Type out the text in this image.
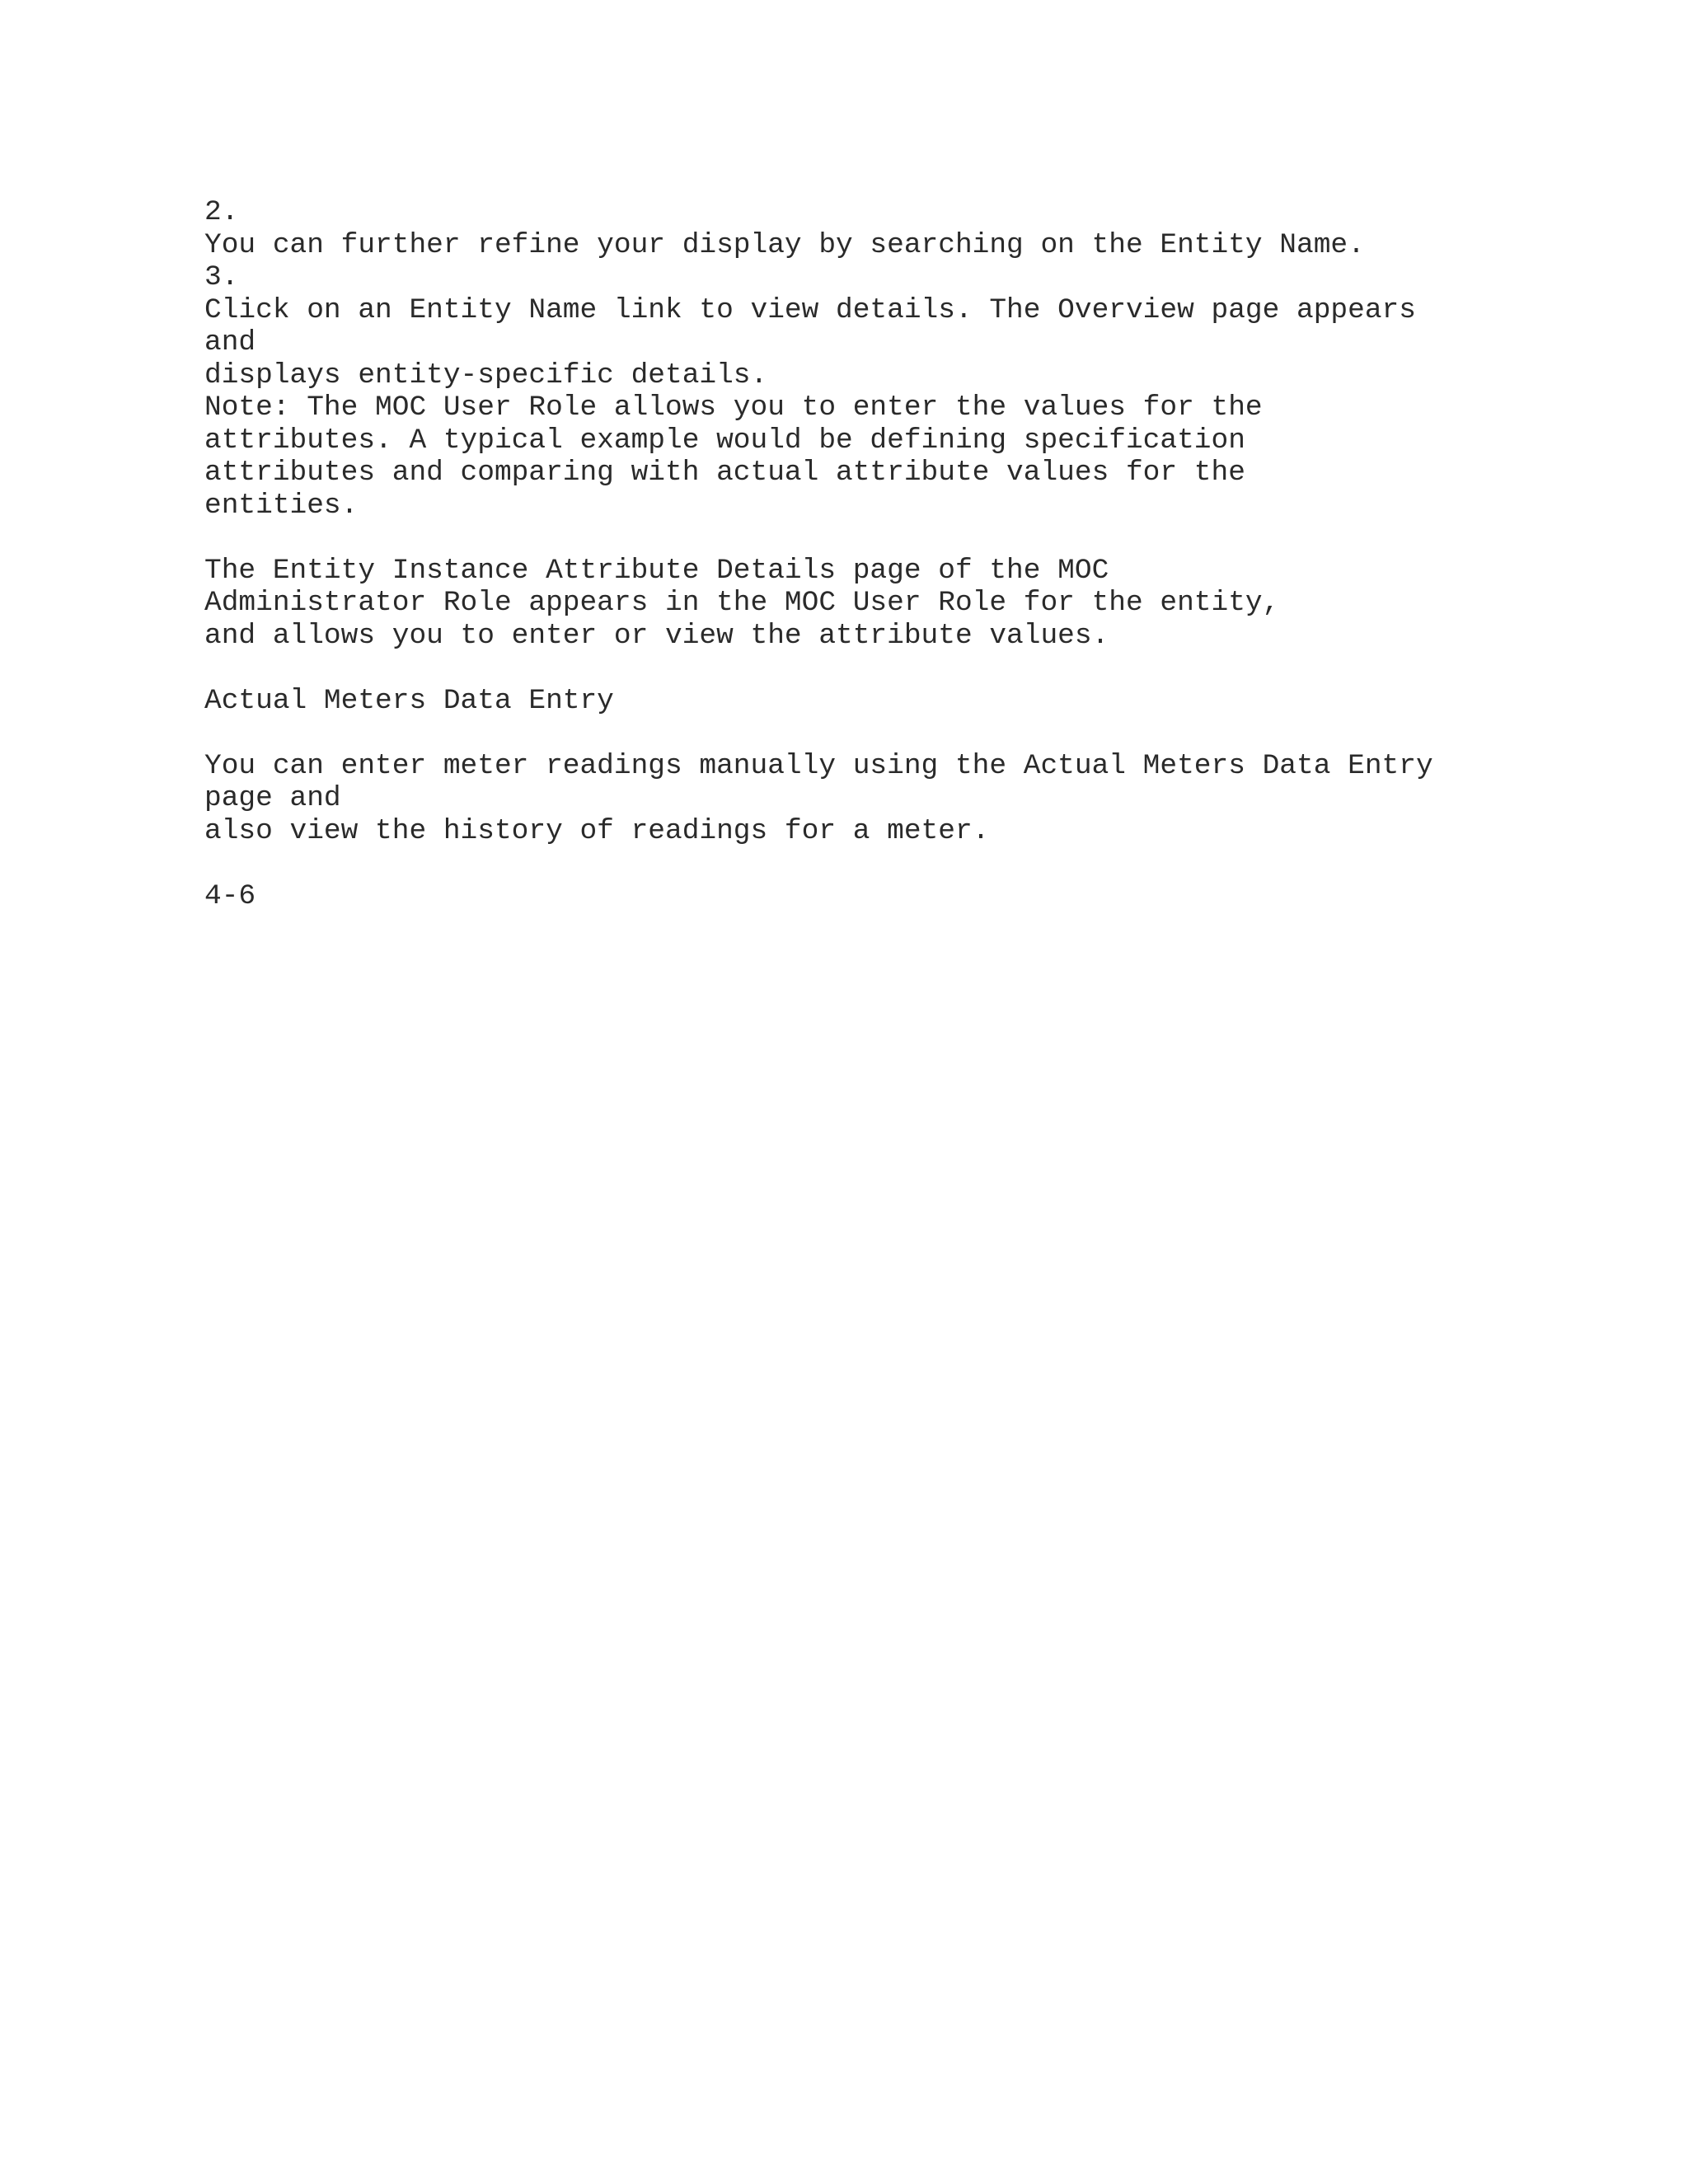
2.
You can further refine your display by searching on the Entity Name.
3.
Click on an Entity Name link to view details. The Overview page appears
and
displays entity-specific details.
Note: The MOC User Role allows you to enter the values for the
attributes. A typical example would be defining specification
attributes and comparing with actual attribute values for the
entities.
The Entity Instance Attribute Details page of the MOC
Administrator Role appears in the MOC User Role for the entity,
and allows you to enter or view the attribute values.
Actual Meters Data Entry
You can enter meter readings manually using the Actual Meters Data Entry
page and
also view the history of readings for a meter.
4-6
